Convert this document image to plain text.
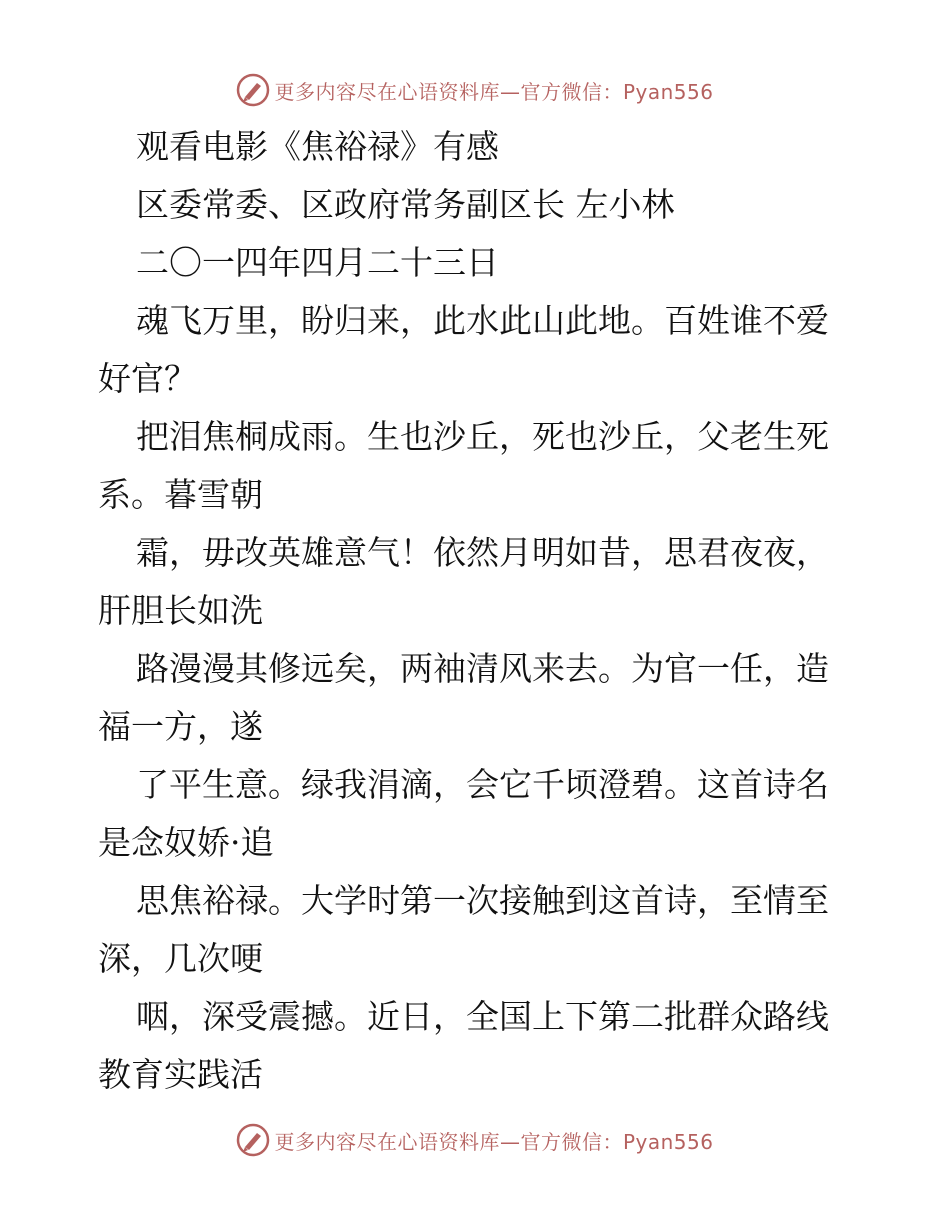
更多内容尽在心语资料库—官方微信：Pyan556

观看电影《焦裕禄》有感

区委常委、区政府常务副区长 左小林

二〇一四年四月二十三日

魂飞万里，盼归来，此水此山此地。百姓谁不爱好官？

把泪焦桐成雨。生也沙丘，死也沙丘，父老生死系。暮雪朝

霜，毋改英雄意气！依然月明如昔，思君夜夜，肝胆长如洗

路漫漫其修远矣，两袖清风来去。为官一任，造福一方，遂

了平生意。绿我涓滴，会它千顷澄碧。这首诗名是念奴娇·追

思焦裕禄。大学时第一次接触到这首诗，至情至深，几次哽

咽，深受震撼。近日，全国上下第二批群众路线教育实践活

更多内容尽在心语资料库—官方微信：Pyan556
